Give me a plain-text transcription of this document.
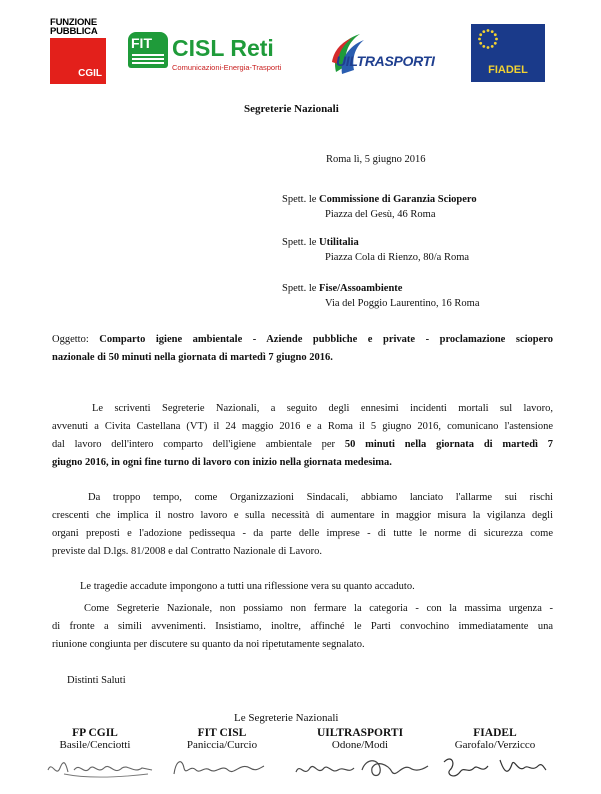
FUNZIONE
PUBBLICA
CGIL
FIT CISL Reti
Comunicazioni-Energia-Trasporti	UILTRASPORTI
FIADEL
Segreterie Nazionali
Roma lì, 5 giugno 2016
Spett. le Commissione di Garanzia Sciopero
Piazza del Gesù, 46 Roma
Spett. le Utilitalia
Piazza Cola di Rienzo, 80/a Roma
Spett. le Fise/Assoambiente
Via del Poggio Laurentino, 16 Roma
Oggetto: Comparto igiene ambientale - Aziende pubbliche e private - proclamazione sciopero
nazionale di 50 minuti nella giornata di martedì 7 giugno 2016.
Le scriventi Segreterie Nazionali, a seguito degli ennesimi incidenti mortali sul lavoro,
avvenuti a Civita Castellana (VT) il 24 maggio 2016 e a Roma il 5 giugno 2016, comunicano l'astensione
dal lavoro dell'intero comparto dell'igiene ambientale per 50 minuti nella giornata di martedì 7
giugno 2016, in ogni fine turno di lavoro con inizio nella giornata medesima.
Da troppo tempo, come Organizzazioni Sindacali, abbiamo lanciato l'allarme sui rischi
crescenti che implica il nostro lavoro e sulla necessità di aumentare in maggior misura la vigilanza degli
organi preposti e l'adozione pedissequa - da parte delle imprese - di tutte le norme di sicurezza come
previste dal D.lgs. 81/2008 e dal Contratto Nazionale di Lavoro.
Le tragedie accadute impongono a tutti una riflessione vera su quanto accaduto.
Come Segreterie Nazionale, non possiamo non fermare la categoria - con la massima urgenza -
di fronte a simili avvenimenti. Insistiamo, inoltre, affinché le Parti convochino immediatamente una
riunione congiunta per discutere su quanto da noi ripetutamente segnalato.
Distinti Saluti
Le Segreterie Nazionali
FP CGIL
Basile/Cenciotti
FIT CISL
Paniccia/Curcio
UILTRASPORTI
Odone/Modi
FIADEL
Garofalo/Verzicco
